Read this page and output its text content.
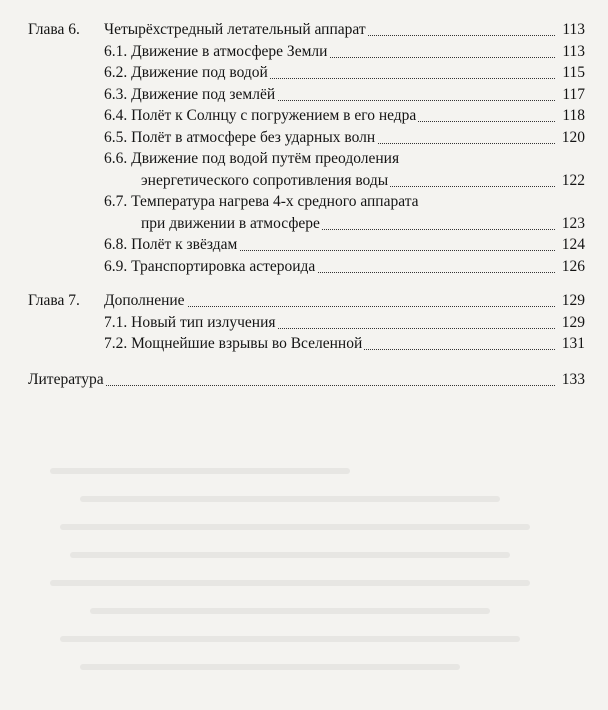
Глава 6. Четырёхстредный летательный аппарат	113
6.1. Движение в атмосфере Земли	113
6.2. Движение под водой	115
6.3. Движение под землёй	117
6.4. Полёт к Солнцу с погружением в его недра	118
6.5. Полёт в атмосфере без ударных волн	120
6.6. Движение под водой путём преодоления
энергетического сопротивления воды	122
6.7. Температура нагрева 4-х средного аппарата
при движении в атмосфере	123
6.8. Полёт к звёздам	124
6.9. Транспортировка астероида	126
Глава 7. Дополнение	129
7.1. Новый тип излучения	129
7.2. Мощнейшие взрывы во Вселенной	131
Литература	133
